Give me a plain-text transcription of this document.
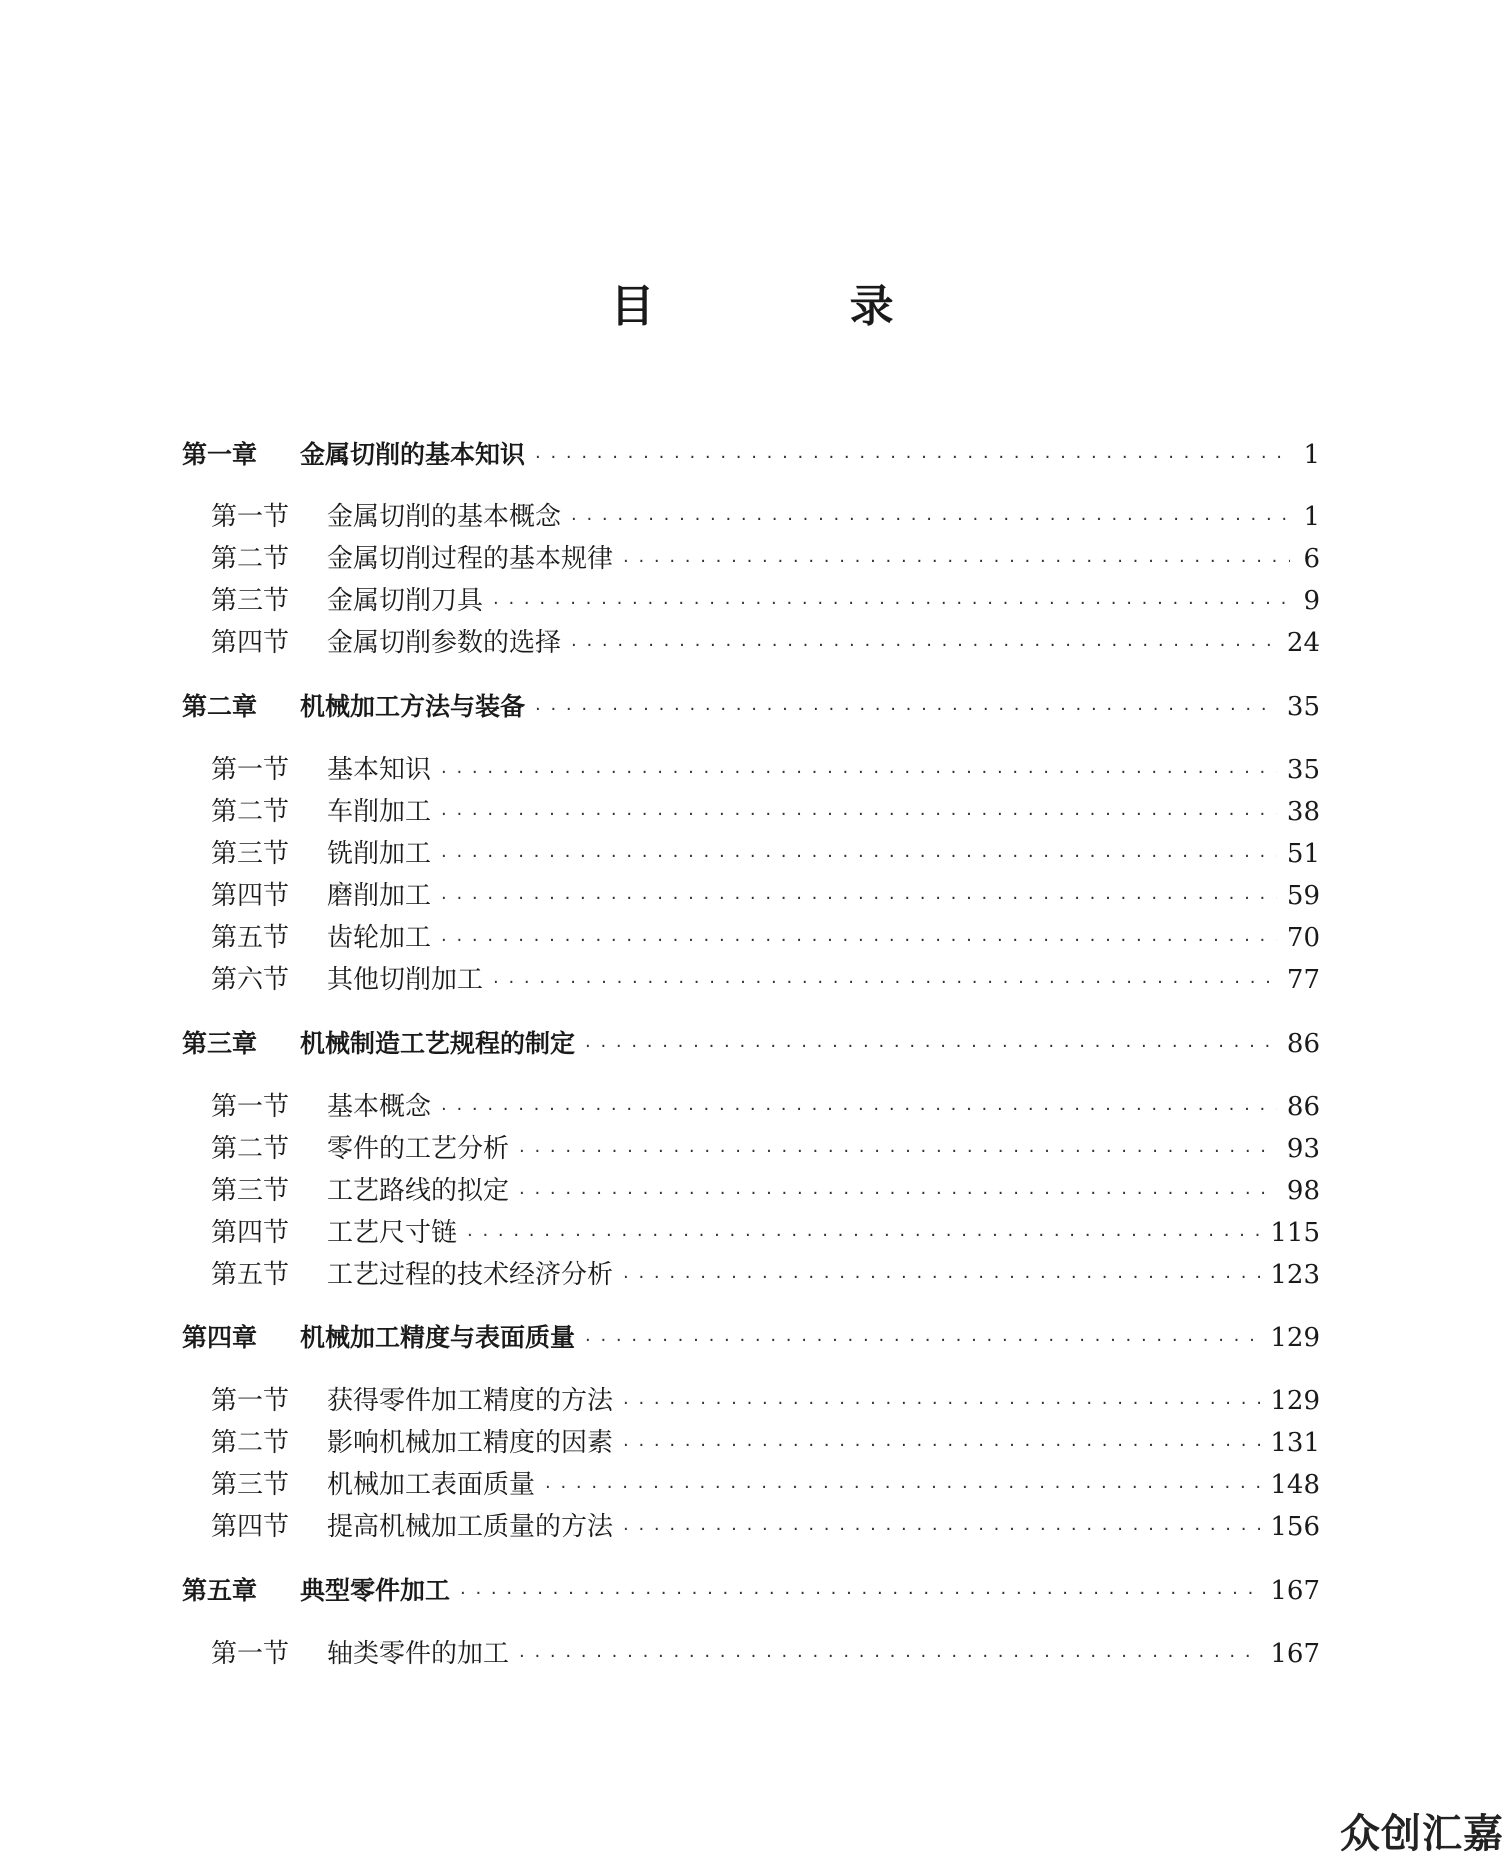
目 录
第一章	金属切削的基本知识 · · ·	1
第一节	金属切削的基本概念 · · ·	1
第二节	金属切削过程的基本规律 · · ·	6
第三节	金属切削刀具 · · ·	9
第四节	金属切削参数的选择 · · ·	24
第二章	机械加工方法与装备 · · ·	35
第一节	基本知识 · · ·	35
第二节	车削加工 · · ·	38
第三节	铣削加工 · · ·	51
第四节	磨削加工 · · ·	59
第五节	齿轮加工 · · ·	70
第六节	其他切削加工 · · ·	77
第三章	机械制造工艺规程的制定 · · ·	86
第一节	基本概念 · · ·	86
第二节	零件的工艺分析 · · ·	93
第三节	工艺路线的拟定 · · ·	98
第四节	工艺尺寸链 · · ·	115
第五节	工艺过程的技术经济分析 · · ·	123
第四章	机械加工精度与表面质量 · · ·	129
第一节	获得零件加工精度的方法 · · ·	129
第二节	影响机械加工精度的因素 · · ·	131
第三节	机械加工表面质量 · · ·	148
第四节	提高机械加工质量的方法 · · ·	156
第五章	典型零件加工 · · ·	167
第一节	轴类零件的加工 · · ·	167
众创汇嘉
